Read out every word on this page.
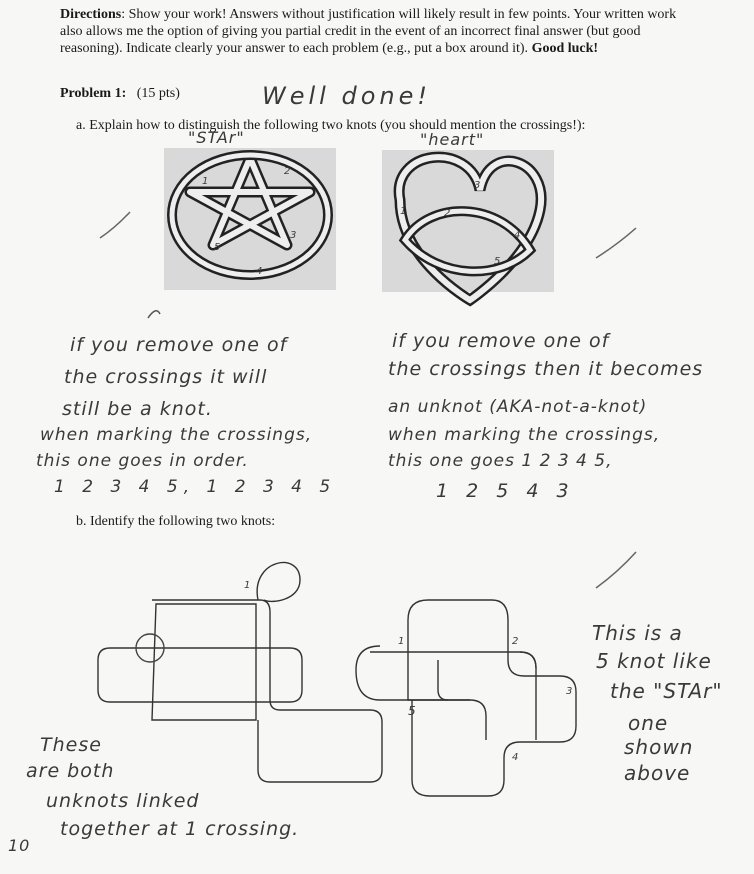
Directions: Show your work! Answers without justification will likely result in few points. Your written work also allows me the option of giving you partial credit in the event of an incorrect final answer (but good reasoning). Indicate clearly your answer to each problem (e.g., put a box around it). Good luck!
Problem 1: (15 pts)	Well done!
a. Explain how to distinguish the following two knots (you should mention the crossings!):
"STAr"	"heart"
1
2
3
4
5
1	2
3
4
5
if you remove one of
the crossings it will
still be a knot.
when marking the crossings,
this one goes in order.
1 2 3 4 5, 1 2 3 4 5
if you remove one of
the crossings then it becomes
an unknot (AKA-not-a-knot)
when marking the crossings,
this one goes 1 2 3 4 5,
1 2 5 4 3
b. Identify the following two knots:
1
1	2
3
4
5
These
are both
unknots linked
together at 1 crossing.
This is a
5 knot like
the "STAr"
one
shown
above
10
